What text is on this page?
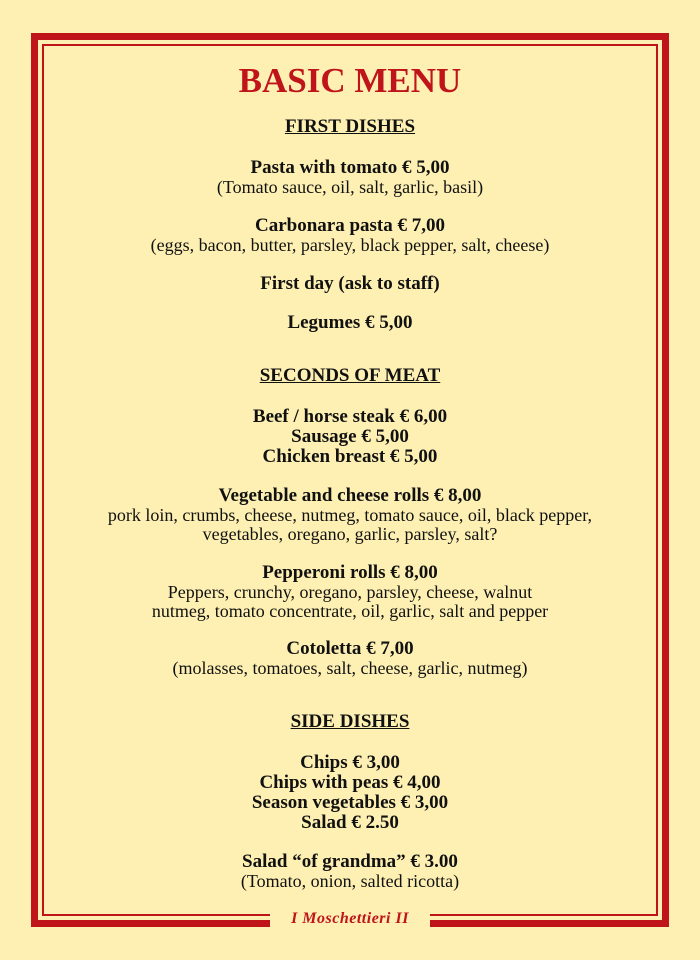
I Moschettieri II
BASIC MENU
FIRST DISHES

Pasta with tomato € 5,00

(Tomato sauce, oil, salt, garlic, basil)

Carbonara pasta € 7,00

(eggs, bacon, butter, parsley, black pepper, salt, cheese)

First day (ask to staff)

Legumes € 5,00

SECONDS OF MEAT

Beef / horse steak € 6,00

Sausage € 5,00

Chicken breast € 5,00

Vegetable and cheese rolls € 8,00

pork loin, crumbs, cheese, nutmeg, tomato sauce, oil, black pepper,

vegetables, oregano, garlic, parsley, salt?

Pepperoni rolls € 8,00

Peppers, crunchy, oregano, parsley, cheese, walnut

nutmeg, tomato concentrate, oil, garlic, salt and pepper

Cotoletta € 7,00

(molasses, tomatoes, salt, cheese, garlic, nutmeg)

SIDE DISHES

Chips € 3,00

Chips with peas € 4,00

Season vegetables € 3,00

Salad € 2.50

Salad “of grandma” € 3.00

(Tomato, onion, salted ricotta)
